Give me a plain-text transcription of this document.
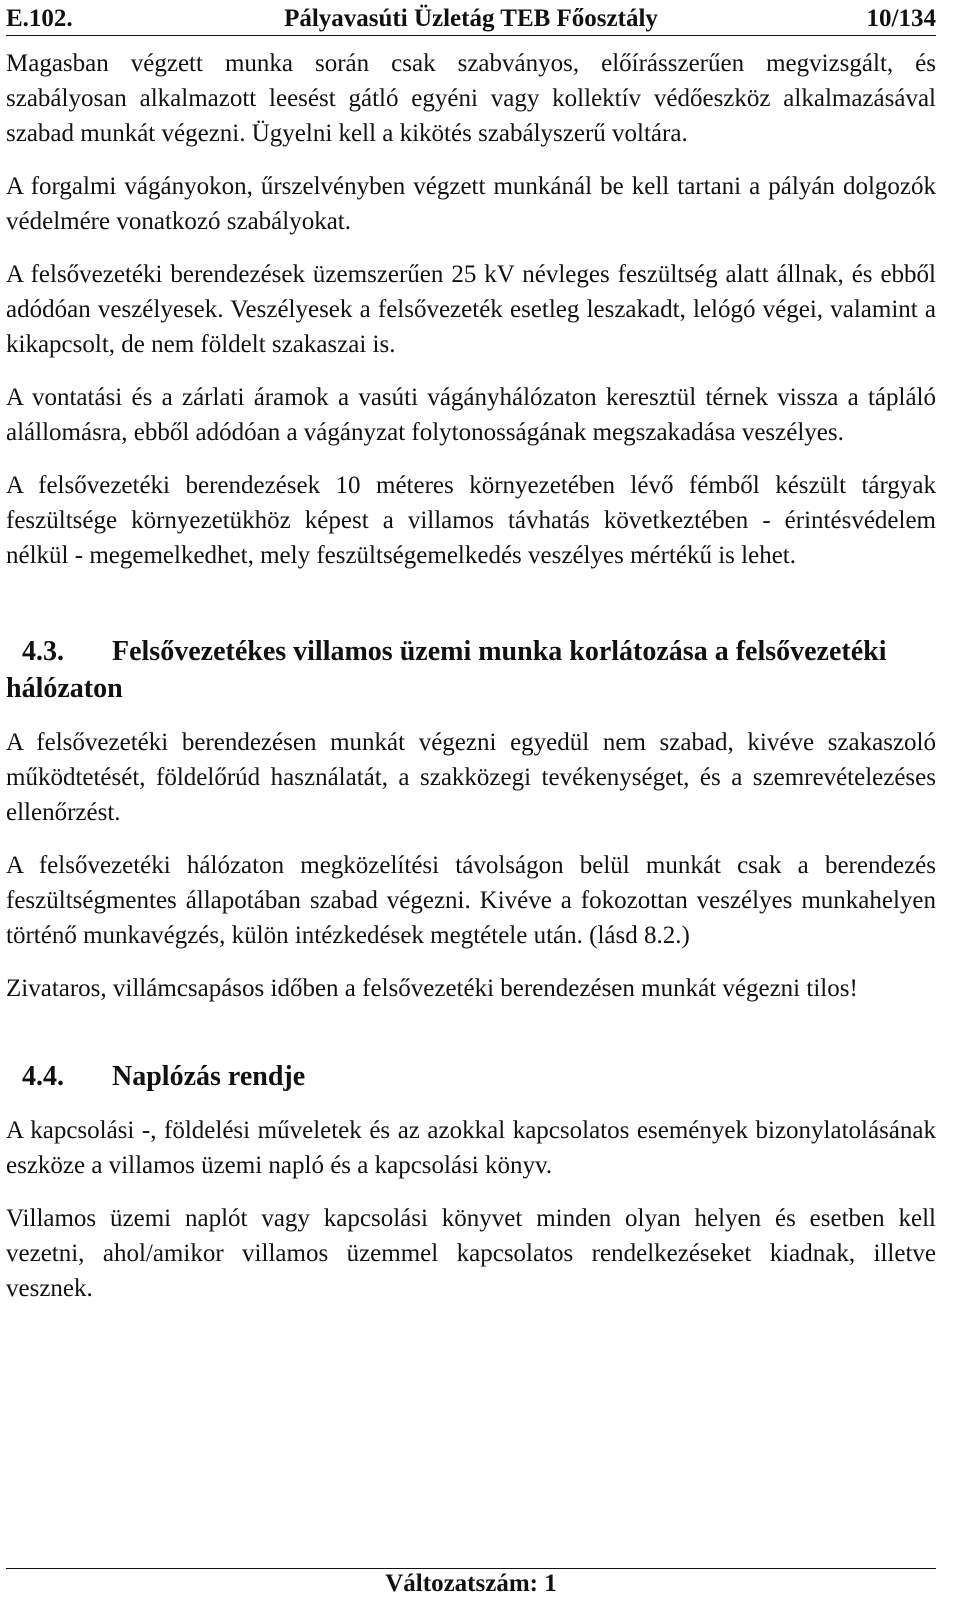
E.102.	Pályavasúti Üzletág TEB Főosztály	10/134

Magasban végzett munka során csak szabványos, előírásszerűen megvizsgált, és szabályosan alkalmazott leesést gátló egyéni vagy kollektív védőeszköz alkalmazásával szabad munkát végezni. Ügyelni kell a kikötés szabályszerű voltára.

A forgalmi vágányokon, űrszelvényben végzett munkánál be kell tartani a pályán dolgozók védelmére vonatkozó szabályokat.

A felsővezetéki berendezések üzemszerűen 25 kV névleges feszültség alatt állnak, és ebből adódóan veszélyesek. Veszélyesek a felsővezeték esetleg leszakadt, lelógó végei, valamint a kikapcsolt, de nem földelt szakaszai is.

A vontatási és a zárlati áramok a vasúti vágányhálózaton keresztül térnek vissza a tápláló alállomásra, ebből adódóan a vágányzat folytonosságának megszakadása veszélyes.

A felsővezetéki berendezések 10 méteres környezetében lévő fémből készült tárgyak feszültsége környezetükhöz képest a villamos távhatás következtében - érintésvédelem nélkül - megemelkedhet, mely feszültségemelkedés veszélyes mértékű is lehet.

4.3. Felsővezetékes villamos üzemi munka korlátozása a felsővezetéki hálózaton

A felsővezetéki berendezésen munkát végezni egyedül nem szabad, kivéve szakaszoló működtetését, földelőrúd használatát, a szakközegi tevékenységet, és a szemrevételezéses ellenőrzést.

A felsővezetéki hálózaton megközelítési távolságon belül munkát csak a berendezés feszültségmentes állapotában szabad végezni. Kivéve a fokozottan veszélyes munkahelyen történő munkavégzés, külön intézkedések megtétele után. (lásd 8.2.)

Zivataros, villámcsapásos időben a felsővezetéki berendezésen munkát végezni tilos!

4.4. Naplózás rendje

A kapcsolási -, földelési műveletek és az azokkal kapcsolatos események bizonylatolásának eszköze a villamos üzemi napló és a kapcsolási könyv.

Villamos üzemi naplót vagy kapcsolási könyvet minden olyan helyen és esetben kell vezetni, ahol/amikor villamos üzemmel kapcsolatos rendelkezéseket kiadnak, illetve vesznek.

Változatszám: 1
